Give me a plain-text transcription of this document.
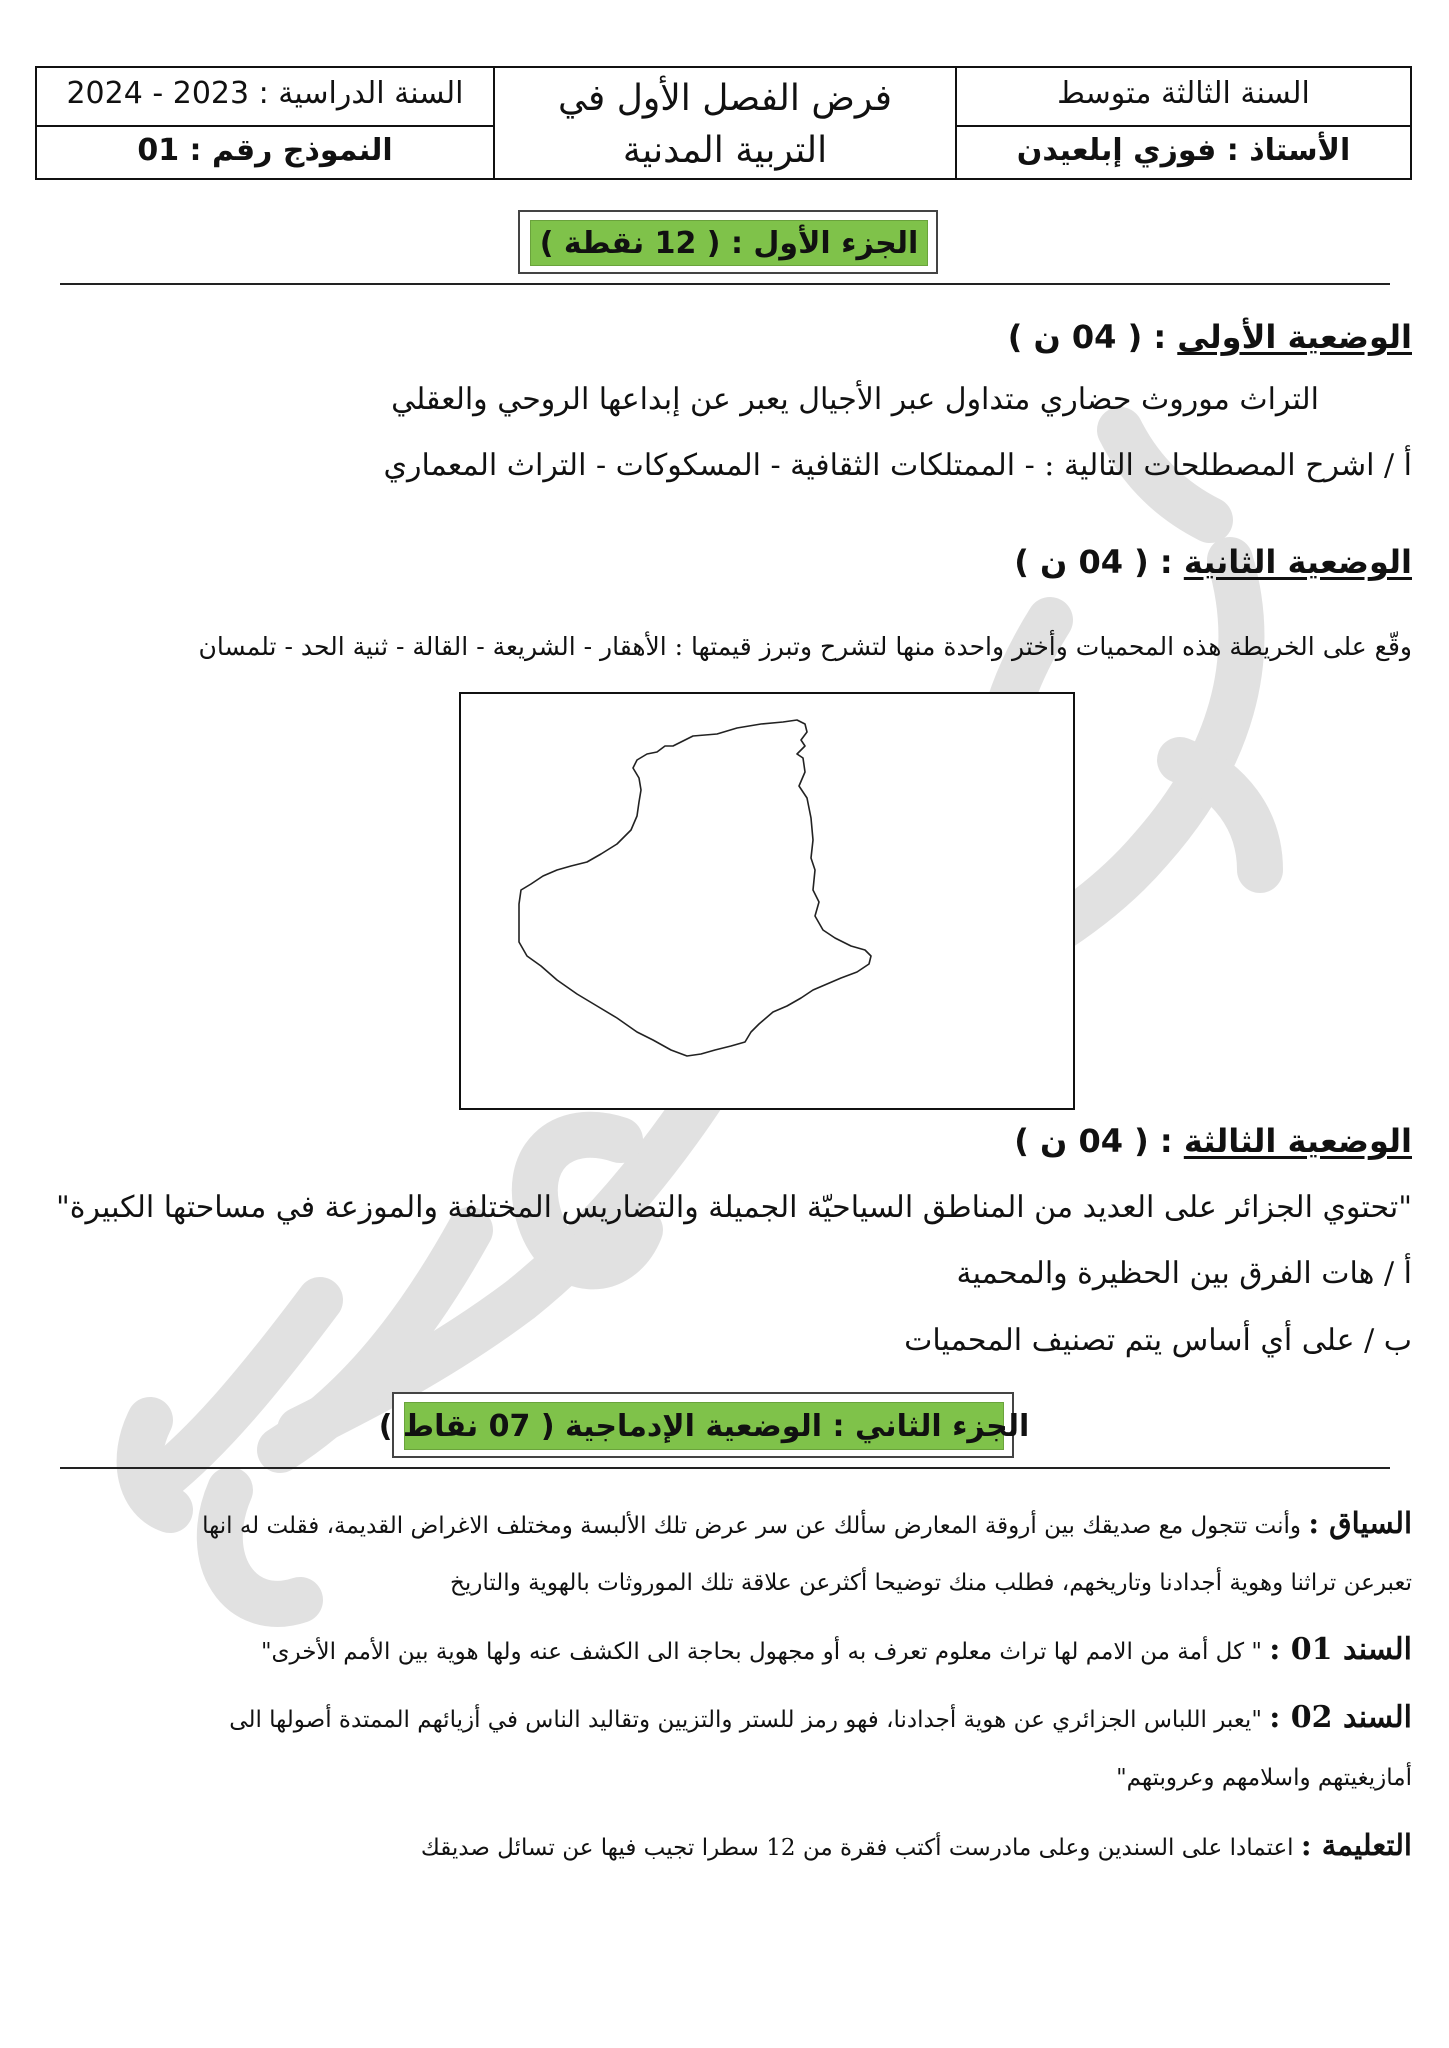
السنة الثالثة متوسط
الأستاذ : فوزي إبلعيدن
فرض الفصل الأول في
التربية المدنية
السنة الدراسية : 2023 - 2024
النموذج رقم : 01
الجزء الأول : ( 12 نقطة )
الوضعية الأولى : ( 04 ن )
التراث موروث حضاري متداول عبر الأجيال يعبر عن إبداعها الروحي والعقلي
أ / اشرح المصطلحات التالية : - الممتلكات الثقافية - المسكوكات - التراث المعماري
الوضعية الثانية : ( 04 ن )
وقّع على الخريطة هذه المحميات وأختر واحدة منها لتشرح وتبرز قيمتها : الأهقار - الشريعة - القالة - ثنية الحد - تلمسان
الوضعية الثالثة : ( 04 ن )
"تحتوي الجزائر على العديد من المناطق السياحيّة الجميلة والتضاريس المختلفة والموزعة في مساحتها الكبيرة"
أ / هات الفرق بين الحظيرة والمحمية
ب / على أي أساس يتم تصنيف المحميات
الجزء الثاني : الوضعية الإدماجية ( 07 نقاط )
السياق : وأنت تتجول مع صديقك بين أروقة المعارض سألك عن سر عرض تلك الألبسة ومختلف الاغراض القديمة، فقلت له انها
تعبرعن تراثنا وهوية أجدادنا وتاريخهم، فطلب منك توضيحا أكثرعن علاقة تلك الموروثات بالهوية والتاريخ
السند 01 : " كل أمة من الامم لها تراث معلوم تعرف به أو مجهول بحاجة الى الكشف عنه ولها هوية بين الأمم الأخرى"
السند 02 : "يعبر اللباس الجزائري عن هوية أجدادنا، فهو رمز للستر والتزيين وتقاليد الناس في أزيائهم الممتدة أصولها الى
أمازيغيتهم واسلامهم وعروبتهم"
التعليمة : اعتمادا على السندين وعلى مادرست أكتب فقرة من 12 سطرا تجيب فيها عن تسائل صديقك
